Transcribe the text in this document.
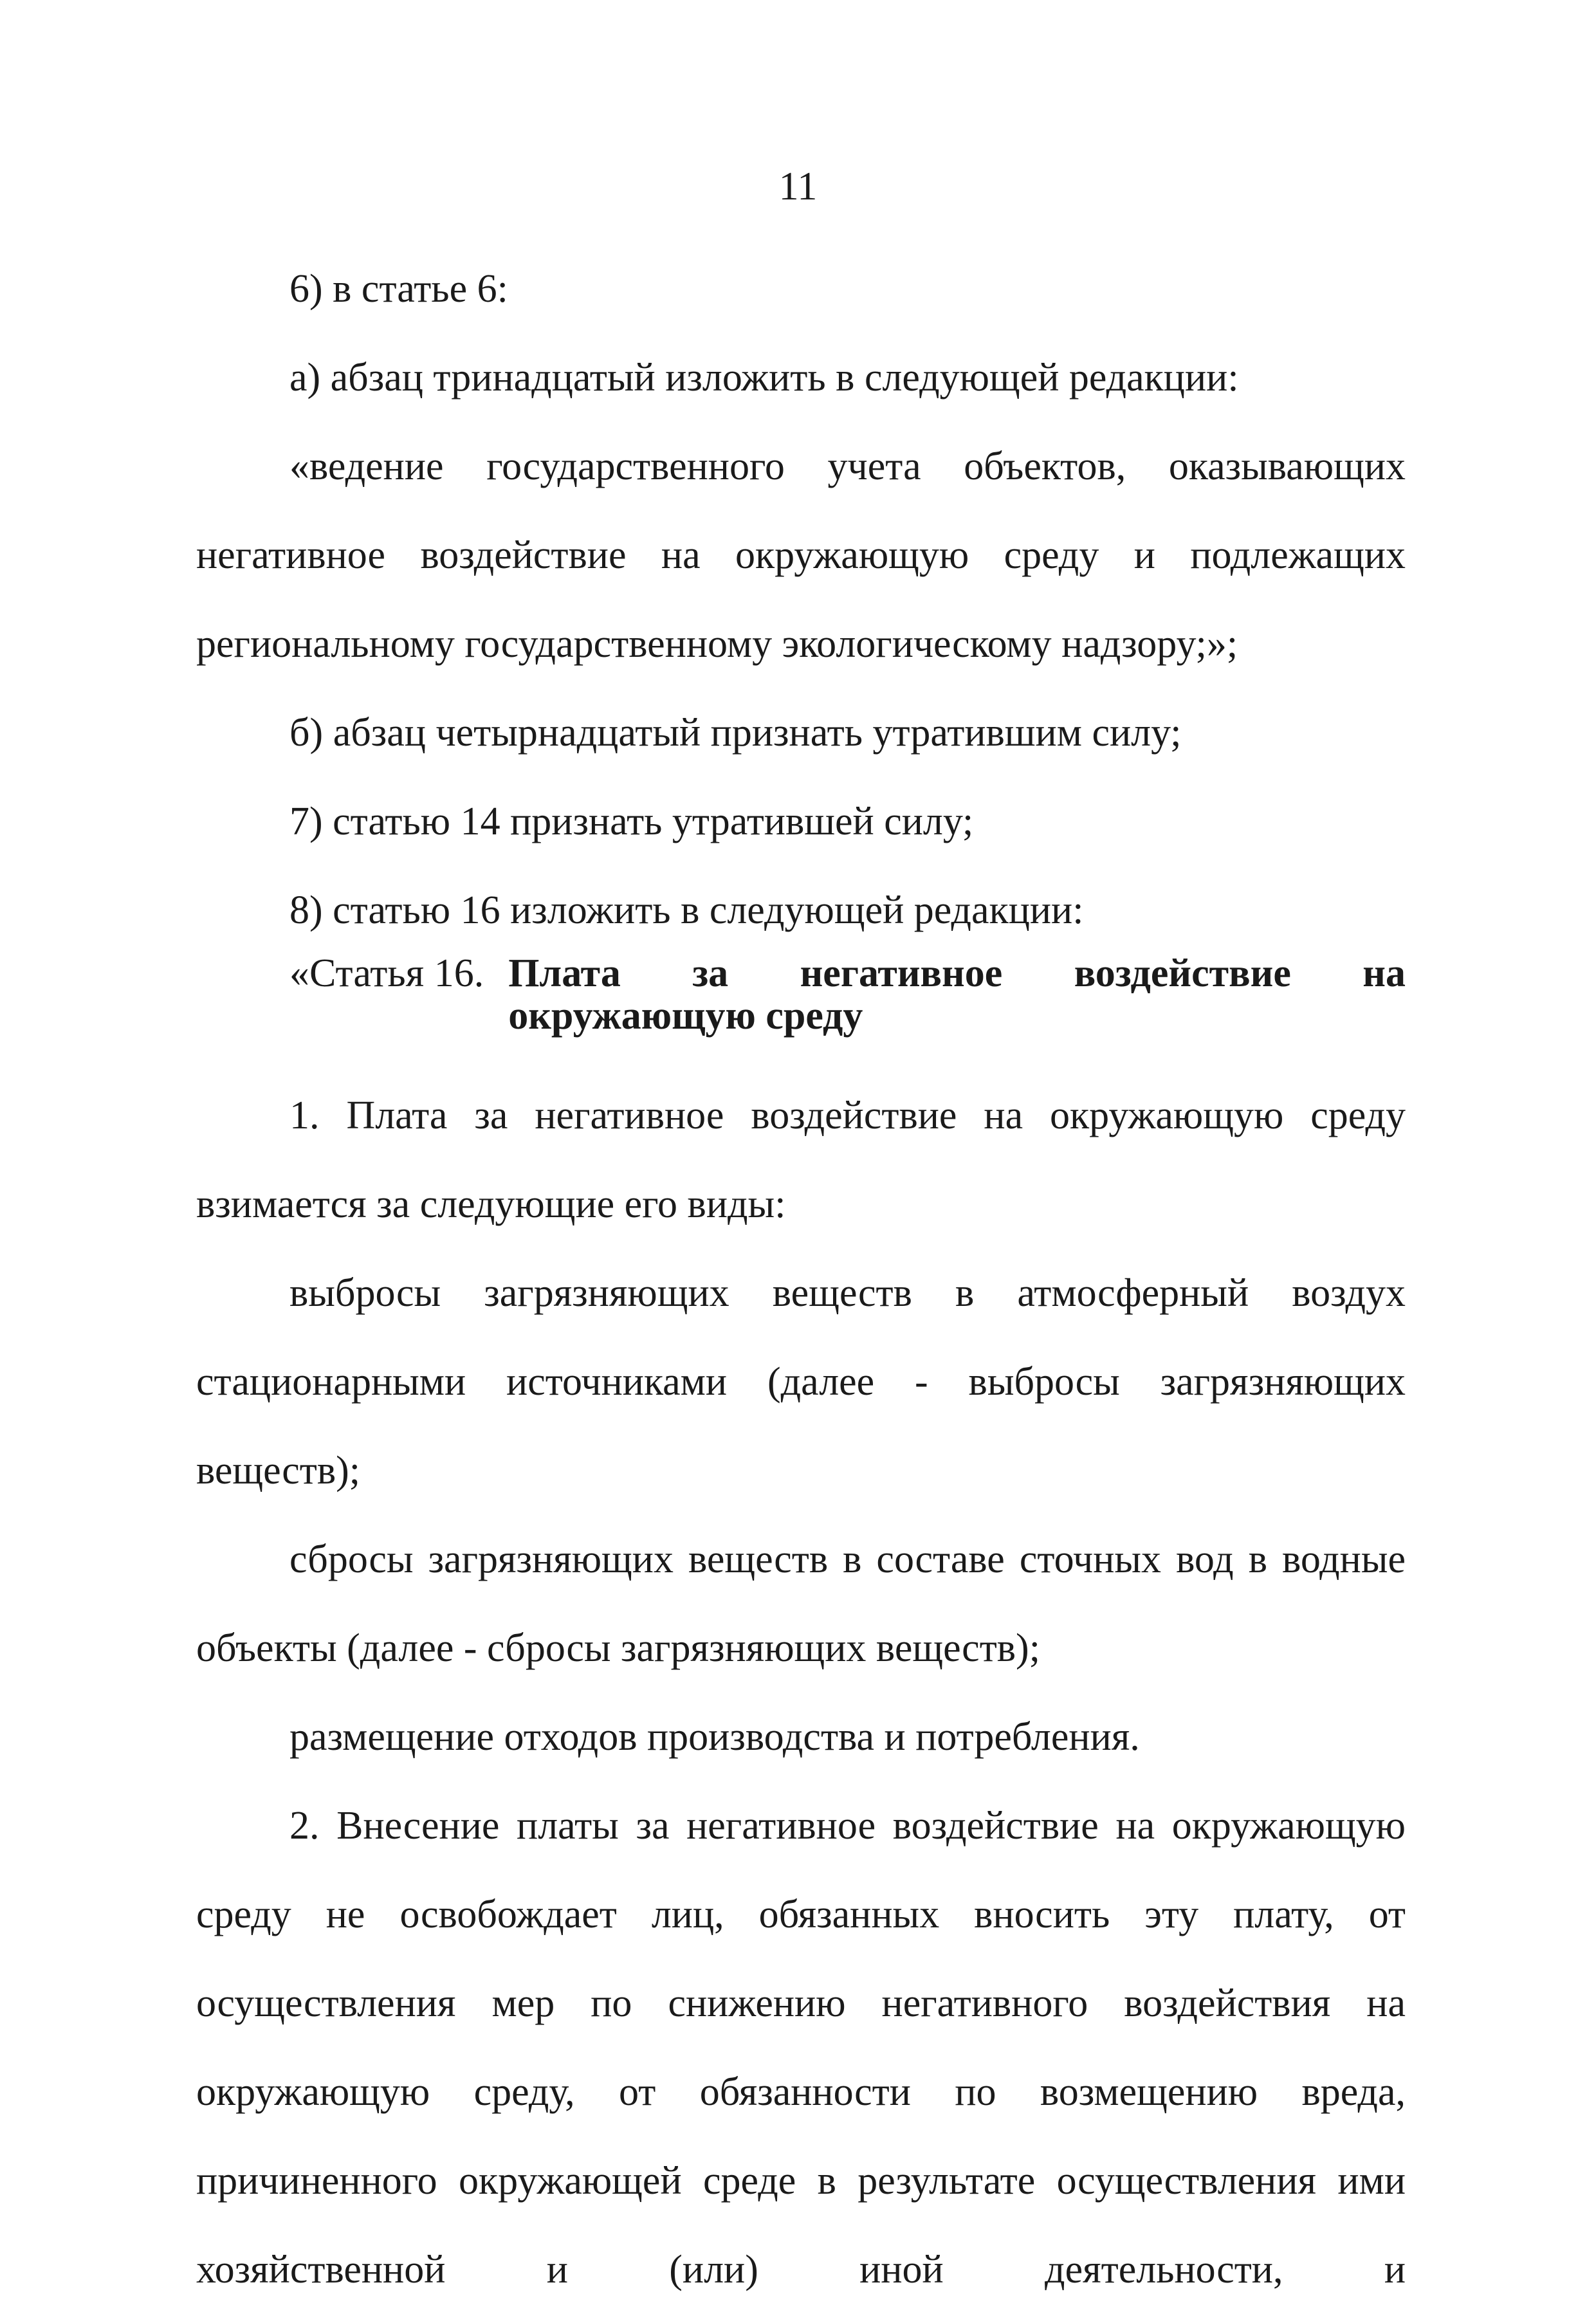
11

6) в статье 6:

а) абзац тринадцатый изложить в следующей редакции:

«ведение государственного учета объектов, оказывающих негативное воздействие на окружающую среду и подлежащих региональному государственному экологическому надзору;»;

б) абзац четырнадцатый признать утратившим силу;

7) статью 14 признать утратившей силу;

8) статью 16 изложить в следующей редакции:

«Статья 16. Плата за негативное воздействие на окружающую среду

1. Плата за негативное воздействие на окружающую среду взимается за следующие его виды:

выбросы загрязняющих веществ в атмосферный воздух стационарными источниками (далее - выбросы загрязняющих веществ);

сбросы загрязняющих веществ в составе сточных вод в водные объекты (далее - сбросы загрязняющих веществ);

размещение отходов производства и потребления.

2. Внесение платы за негативное воздействие на окружающую среду не освобождает лиц, обязанных вносить эту плату, от осуществления мер по снижению негативного воздействия на окружающую среду, от обязанности по возмещению вреда, причиненного окружающей среде в результате осуществления ими хозяйственной и (или) иной деятельности, и
